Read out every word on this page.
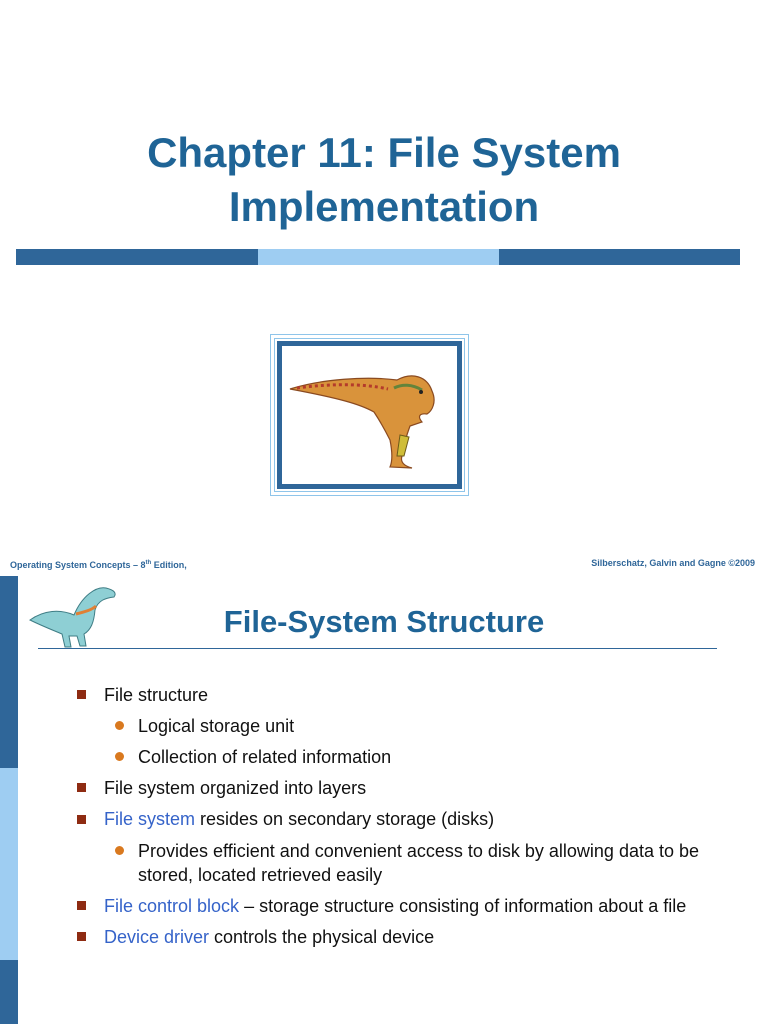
Chapter 11: File System
Implementation
Operating System Concepts – 8th Edition,	Silberschatz, Galvin and Gagne ©2009
File-System Structure
File structure
Logical storage unit
Collection of related information
File system organized into layers
File system resides on secondary storage (disks)
Provides efficient and convenient access to disk by allowing data to be
stored, located retrieved easily
File control block – storage structure consisting of information about a file
Device driver controls the physical device
